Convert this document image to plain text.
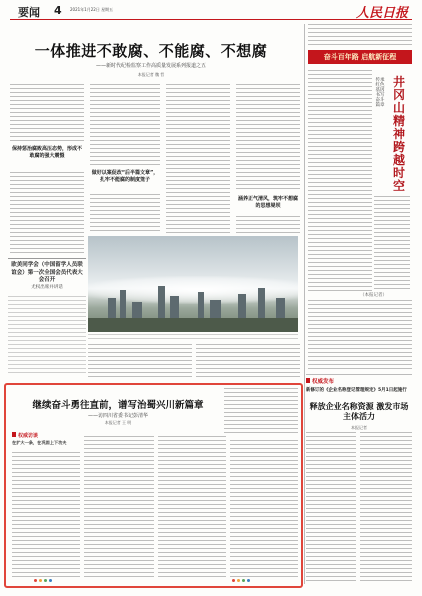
要闻 4 2021年1月22日 星期五	人民日报
一体推进不敢腐、不能腐、不想腐
——新时代纪检监察工作高质量发展系列报道之五
本报记者 魏 哲
保持惩治腐败高压态势，形成不敢腐的强大震慑
做好以案促改“后半篇文章”，扎牢不能腐的制度笼子
涵养正气清风，筑牢不想腐的思想堤坝
欧美同学会（中国留学人员联谊会）第一次全国会员代表大会召开
尤权出席并讲话
奋斗百年路 启航新征程
传承红色基因 书写奋斗篇章
井冈山精神跨越时空
（本报记者）
权威发布
新修订的《企业名称登记管理规定》5月1日起施行
释放企业名称资源 激发市场主体活力
本报记者
继续奋斗勇往直前，谱写治蜀兴川新篇章
——访四川省委书记彭清华
本报记者 王 明
权威访谈
在扩大一条，在巩固上下功夫
